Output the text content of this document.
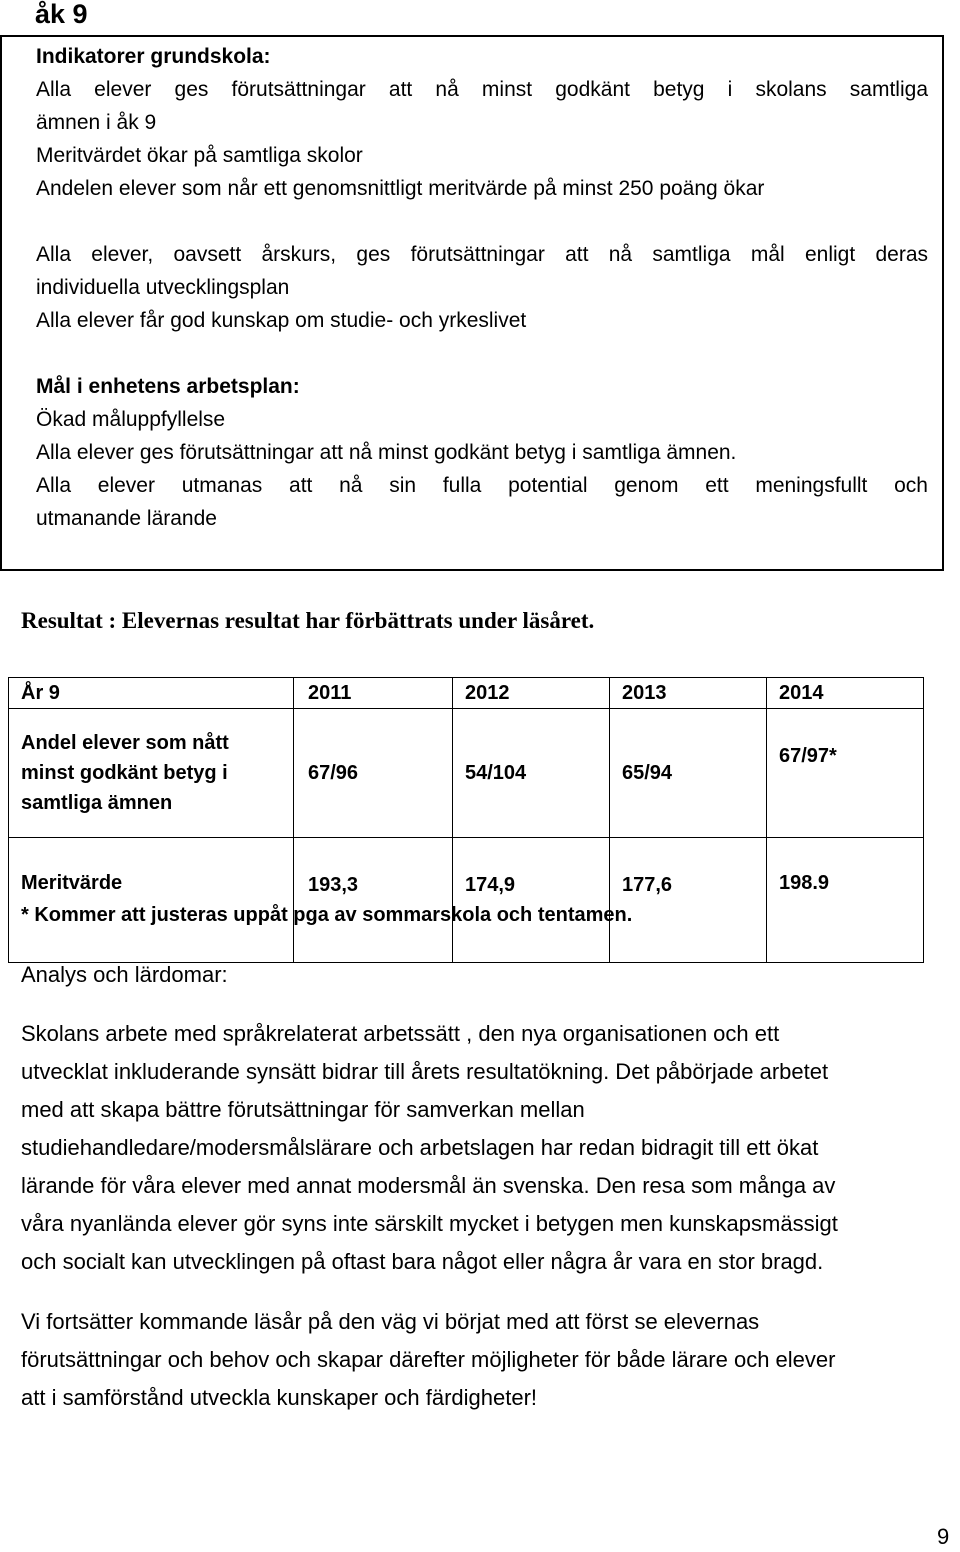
åk 9
Indikatorer grundskola:
Alla elever ges förutsättningar att nå minst godkänt betyg i skolans samtliga
ämnen i åk 9
Meritvärdet ökar på samtliga skolor
Andelen elever som når ett genomsnittligt meritvärde på minst 250 poäng ökar
Alla elever, oavsett årskurs, ges förutsättningar att nå samtliga mål enligt deras
individuella utvecklingsplan
Alla elever får god kunskap om studie- och yrkeslivet
Mål i enhetens arbetsplan:
Ökad måluppfyllelse
Alla elever ges förutsättningar att nå minst godkänt betyg i samtliga ämnen.
Alla elever utmanas att nå sin fulla potential genom ett meningsfullt och
utmanande lärande
Resultat : Elevernas resultat har förbättrats under läsåret.
År 9	2011	2012	2013	2014

Andel elever som nått
minst godkänt betyg i
samtliga ämnen	67/96	54/104	65/94	67/97*
Meritvärde	193,3	174,9	177,6	198.9
* Kommer att justeras uppåt pga av sommarskola och tentamen.
Analys och lärdomar:
Skolans arbete med språkrelaterat arbetssätt , den nya organisationen och ett
utvecklat inkluderande synsätt bidrar till årets resultatökning. Det påbörjade arbetet
med att skapa bättre förutsättningar för samverkan mellan
studiehandledare/modersmålslärare och arbetslagen har redan bidragit till ett ökat
lärande för våra elever med annat modersmål än svenska. Den resa som många av
våra nyanlända elever gör syns inte särskilt mycket i betygen men kunskapsmässigt
och socialt kan utvecklingen på oftast bara något eller några år vara en stor bragd.
Vi fortsätter kommande läsår på den väg vi börjat med att först se elevernas
förutsättningar och behov och skapar därefter möjligheter för både lärare och elever
att i samförstånd utveckla kunskaper och färdigheter!
9
